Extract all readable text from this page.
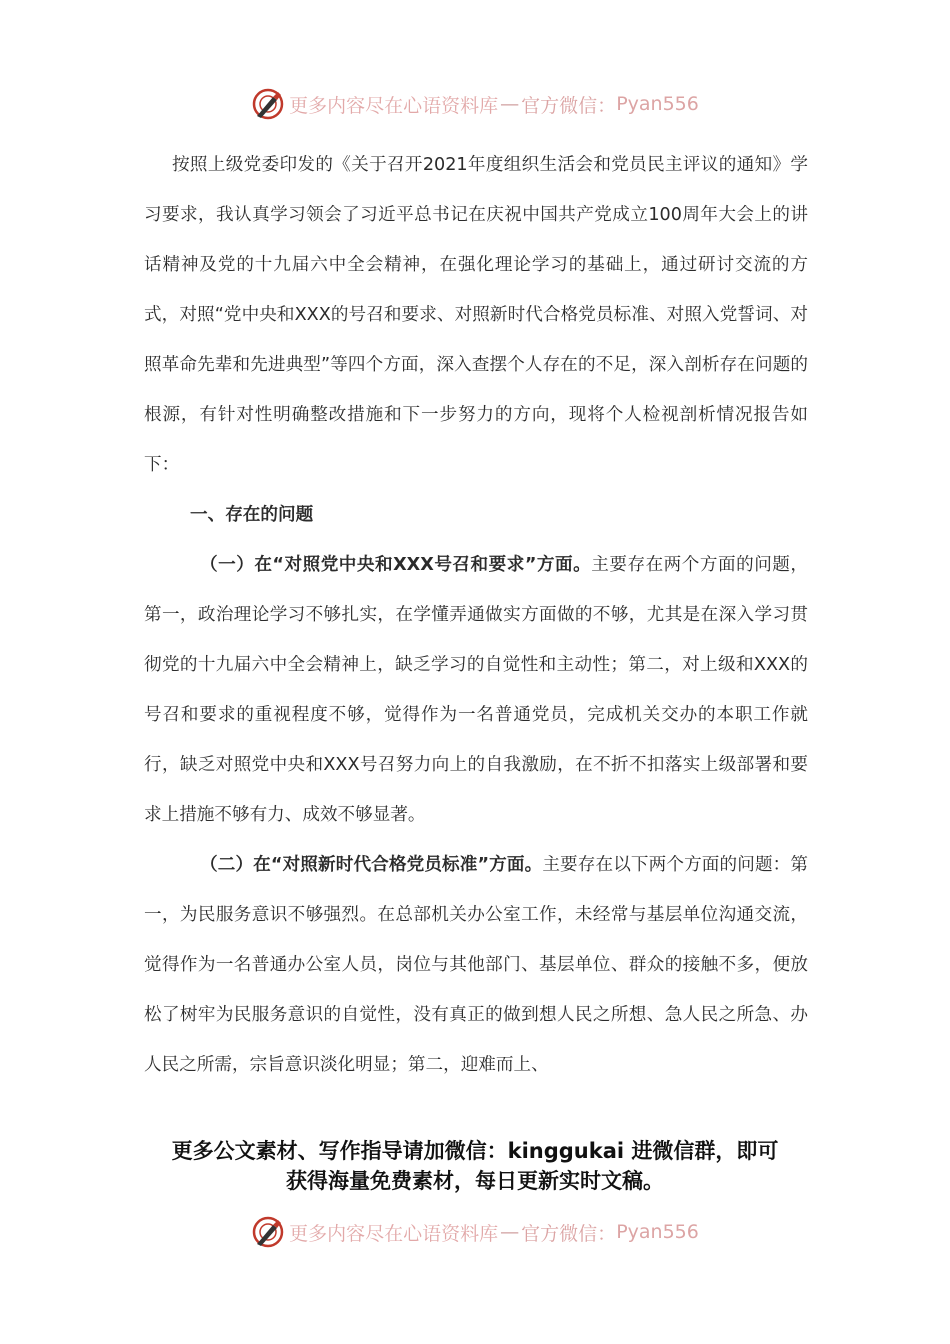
更多内容尽在心语资料库 — 官方微信： Pyan556

按照上级党委印发的《关于召开2021年度组织生活会和党员民主评议的通知》学习要求，我认真学习领会了习近平总书记在庆祝中国共产党成立100周年大会上的讲话精神及党的十九届六中全会精神，在强化理论学习的基础上，通过研讨交流的方式，对照“党中央和XXX的号召和要求、对照新时代合格党员标准、对照入党誓词、对照革命先辈和先进典型”等四个方面，深入查摆个人存在的不足，深入剖析存在问题的根源，有针对性明确整改措施和下一步努力的方向，现将个人检视剖析情况报告如下：

一、存在的问题

（一）在“对照党中央和XXX号召和要求”方面。主要存在两个方面的问题，第一，政治理论学习不够扎实，在学懂弄通做实方面做的不够，尤其是在深入学习贯彻党的十九届六中全会精神上，缺乏学习的自觉性和主动性；第二，对上级和XXX的号召和要求的重视程度不够，觉得作为一名普通党员，完成机关交办的本职工作就行，缺乏对照党中央和XXX号召努力向上的自我激励，在不折不扣落实上级部署和要求上措施不够有力、成效不够显著。

（二）在“对照新时代合格党员标准”方面。主要存在以下两个方面的问题：第一，为民服务意识不够强烈。在总部机关办公室工作，未经常与基层单位沟通交流，觉得作为一名普通办公室人员，岗位与其他部门、基层单位、群众的接触不多，便放松了树牢为民服务意识的自觉性，没有真正的做到想人民之所想、急人民之所急、办人民之所需，宗旨意识淡化明显；第二，迎难而上、

更多公文素材、写作指导请加微信：kinggukai 进微信群，即可
获得海量免费素材，每日更新实时文稿。
更多内容尽在心语资料库 — 官方微信： Pyan556
